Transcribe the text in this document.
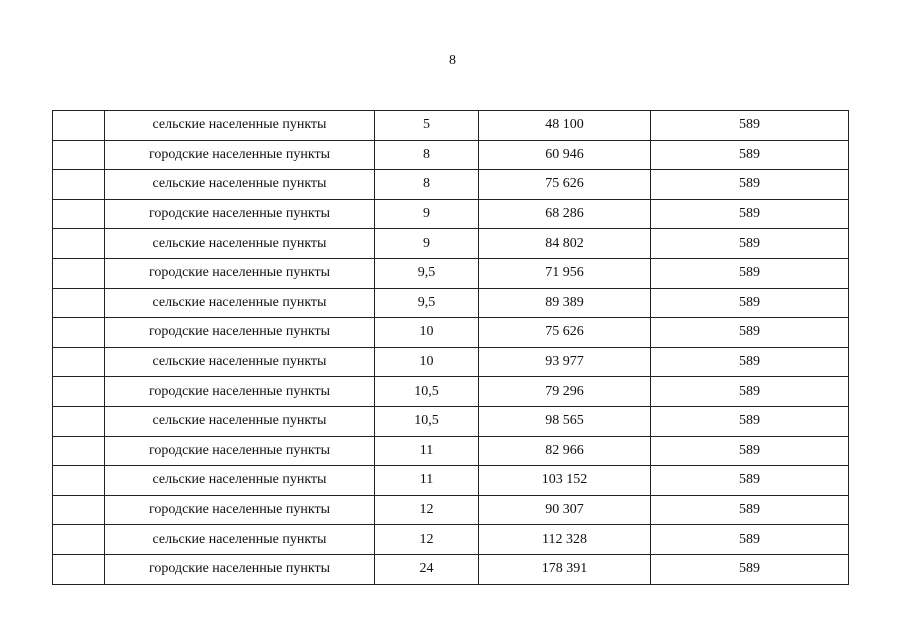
8
	сельские населенные пункты	5	48 100	589
	городские населенные пункты	8	60 946	589
	сельские населенные пункты	8	75 626	589
	городские населенные пункты	9	68 286	589
	сельские населенные пункты	9	84 802	589
	городские населенные пункты	9,5	71 956	589
	сельские населенные пункты	9,5	89 389	589
	городские населенные пункты	10	75 626	589
	сельские населенные пункты	10	93 977	589
	городские населенные пункты	10,5	79 296	589
	сельские населенные пункты	10,5	98 565	589
	городские населенные пункты	11	82 966	589
	сельские населенные пункты	11	103 152	589
	городские населенные пункты	12	90 307	589
	сельские населенные пункты	12	112 328	589
	городские населенные пункты	24	178 391	589
